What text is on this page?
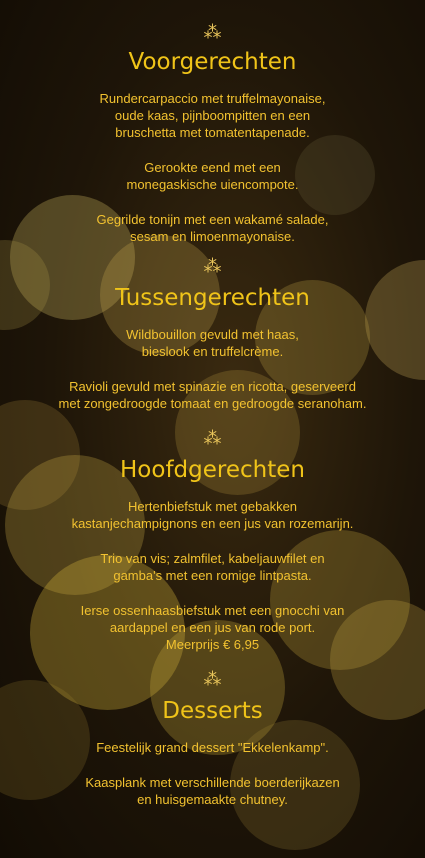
⁂
Voorgerechten

Rundercarpaccio met truffelmayonaise,
oude kaas, pijnboompitten en een
bruschetta met tomatentapenade.

Gerookte eend met een
monegaskische uiencompote.

Gegrilde tonijn met een wakamé salade,
sesam en limoenmayonaise.

⁂
Tussengerechten

Wildbouillon gevuld met haas,
bieslook en truffelcrème.

Ravioli gevuld met spinazie en ricotta, geserveerd
met zongedroogde tomaat en gedroogde seranoham.

⁂
Hoofdgerechten

Hertenbiefstuk met gebakken
kastanjechampignons en een jus van rozemarijn.

Trio van vis; zalmfilet, kabeljauwfilet en
gamba's met een romige lintpasta.

Ierse ossenhaasbiefstuk met een gnocchi van
aardappel en een jus van rode port.
Meerprijs € 6,95

⁂
Desserts

Feestelijk grand dessert "Ekkelenkamp".

Kaasplank met verschillende boerderijkazen
en huisgemaakte chutney.
